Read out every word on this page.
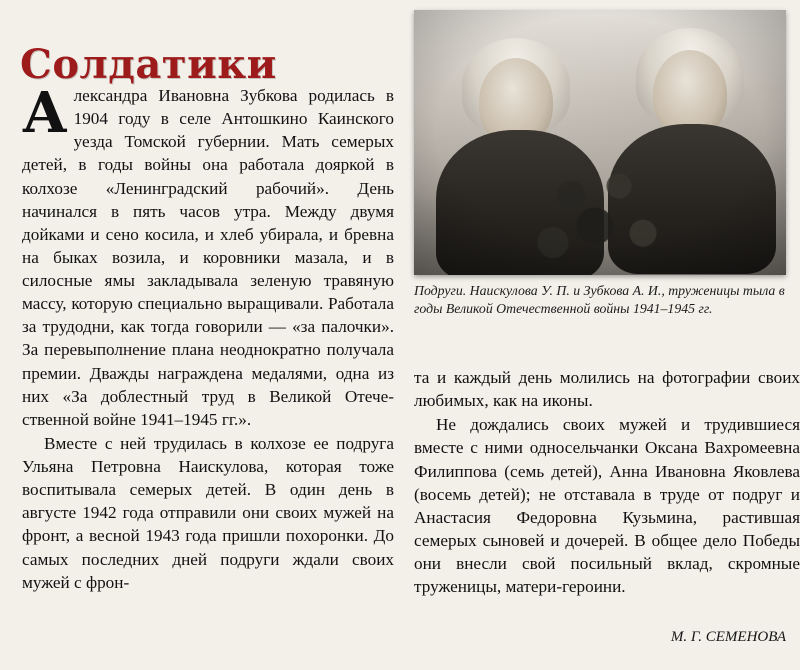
Солдатики

Александра Ивановна Зубкова родилась в 1904 году в селе Антошкино Каинского уезда Томской губернии. Мать семерых детей, в годы войны она работала дояркой в колхозе «Ленинградский рабочий». День начинался в пять часов утра. Между двумя дойками и сено косила, и хлеб убирала, и бревна на быках возила, и коровники мазала, и в силосные ямы закладывала зеленую травяную массу, которую специально выращивали. Работала за трудодни, как тогда говорили — «за палочки». За перевыполнение плана неоднократно получала премии. Дважды награждена медалями, одна из них «За доблестный труд в Великой Отечественной войне 1941–1945 гг.».

Вместе с ней трудилась в колхозе ее подруга Ульяна Петровна Наискулова, которая тоже воспитывала семерых детей. В один день в августе 1942 года отправили они своих мужей на фронт, а весной 1943 года пришли похоронки. До самых последних дней подруги ждали своих мужей с фрон-

Подруги. Наискулова У. П. и Зубкова А. И., труженицы тыла в годы Великой Отечественной войны 1941–1945 гг.

та и каждый день молились на фотографии своих любимых, как на иконы.

Не дождались своих мужей и трудившиеся вместе с ними односельчанки Оксана Вахромеевна Филиппова (семь детей), Анна Ивановна Яковлева (восемь детей); не отставала в труде от подруг и Анастасия Федоровна Кузьмина, растившая семерых сыновей и дочерей. В общее дело Победы они внесли свой посильный вклад, скромные труженицы, матери-героини.

М. Г. СЕМЕНОВА
